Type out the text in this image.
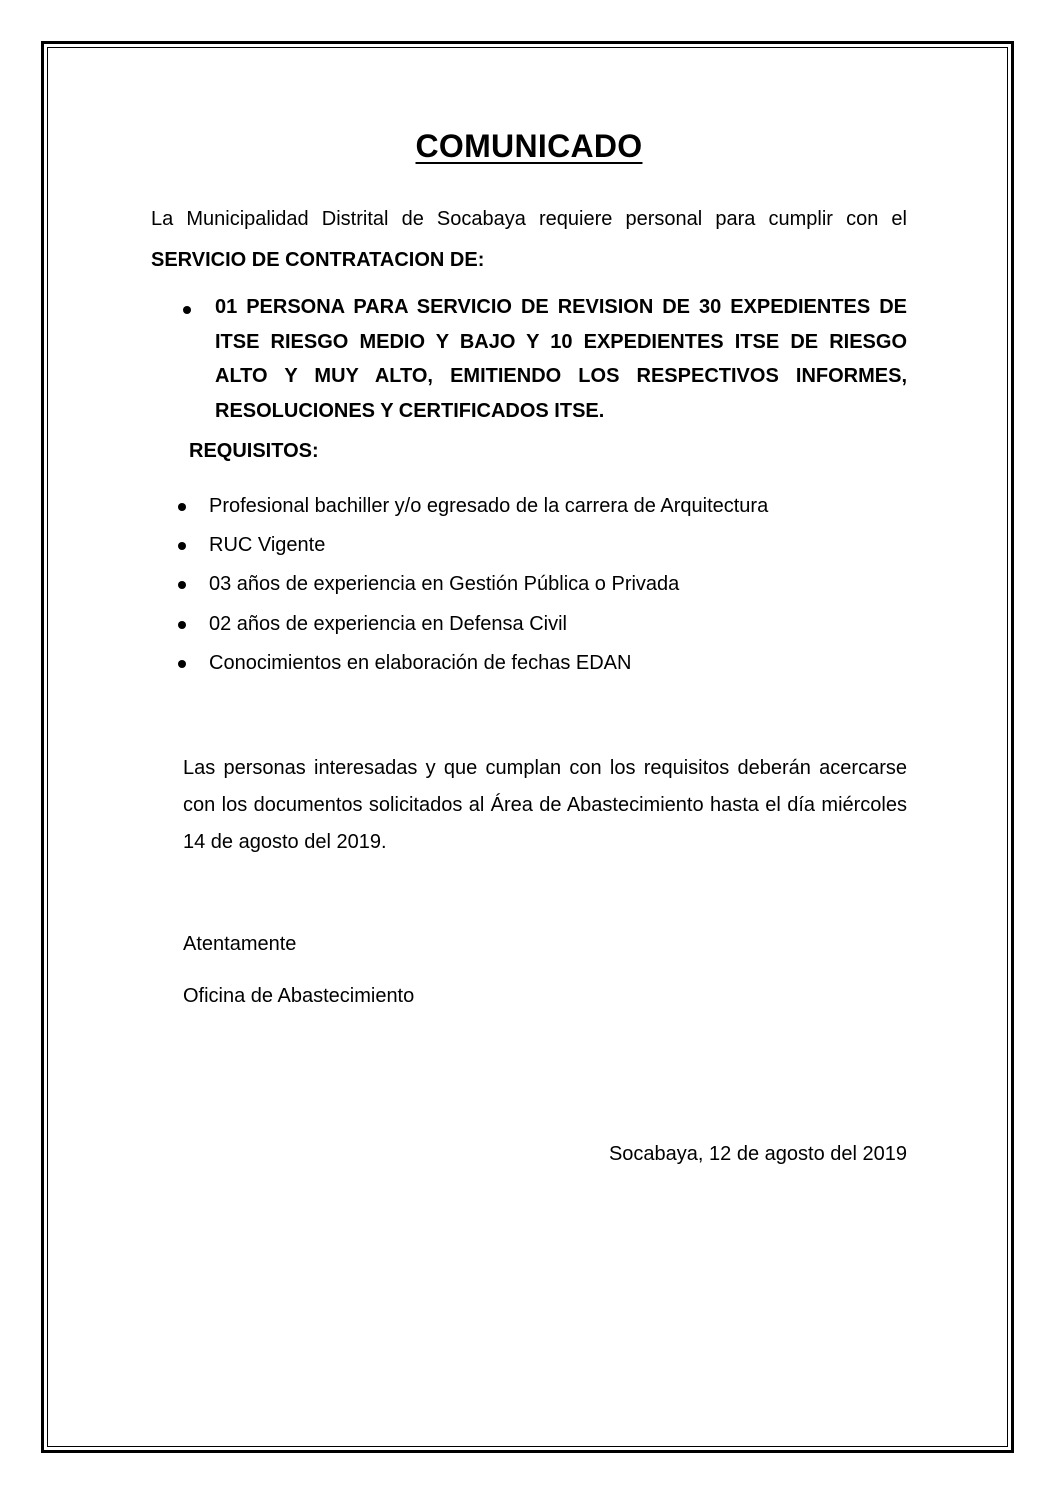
COMUNICADO
La Municipalidad Distrital de Socabaya requiere personal para cumplir con el SERVICIO DE CONTRATACION DE:
01 PERSONA PARA SERVICIO DE REVISION DE 30 EXPEDIENTES DE ITSE RIESGO MEDIO Y BAJO Y 10 EXPEDIENTES ITSE DE RIESGO ALTO Y MUY ALTO, EMITIENDO LOS RESPECTIVOS INFORMES, RESOLUCIONES Y CERTIFICADOS ITSE.
REQUISITOS:
Profesional bachiller y/o egresado de la carrera de Arquitectura
RUC Vigente
03 años de experiencia en Gestión Pública o Privada
02 años de experiencia en Defensa Civil
Conocimientos en elaboración de fechas EDAN
Las personas interesadas y que cumplan con los requisitos deberán acercarse con los documentos solicitados al Área de Abastecimiento hasta el día miércoles 14 de agosto del 2019.
Atentamente
Oficina de Abastecimiento
Socabaya, 12 de agosto del 2019
